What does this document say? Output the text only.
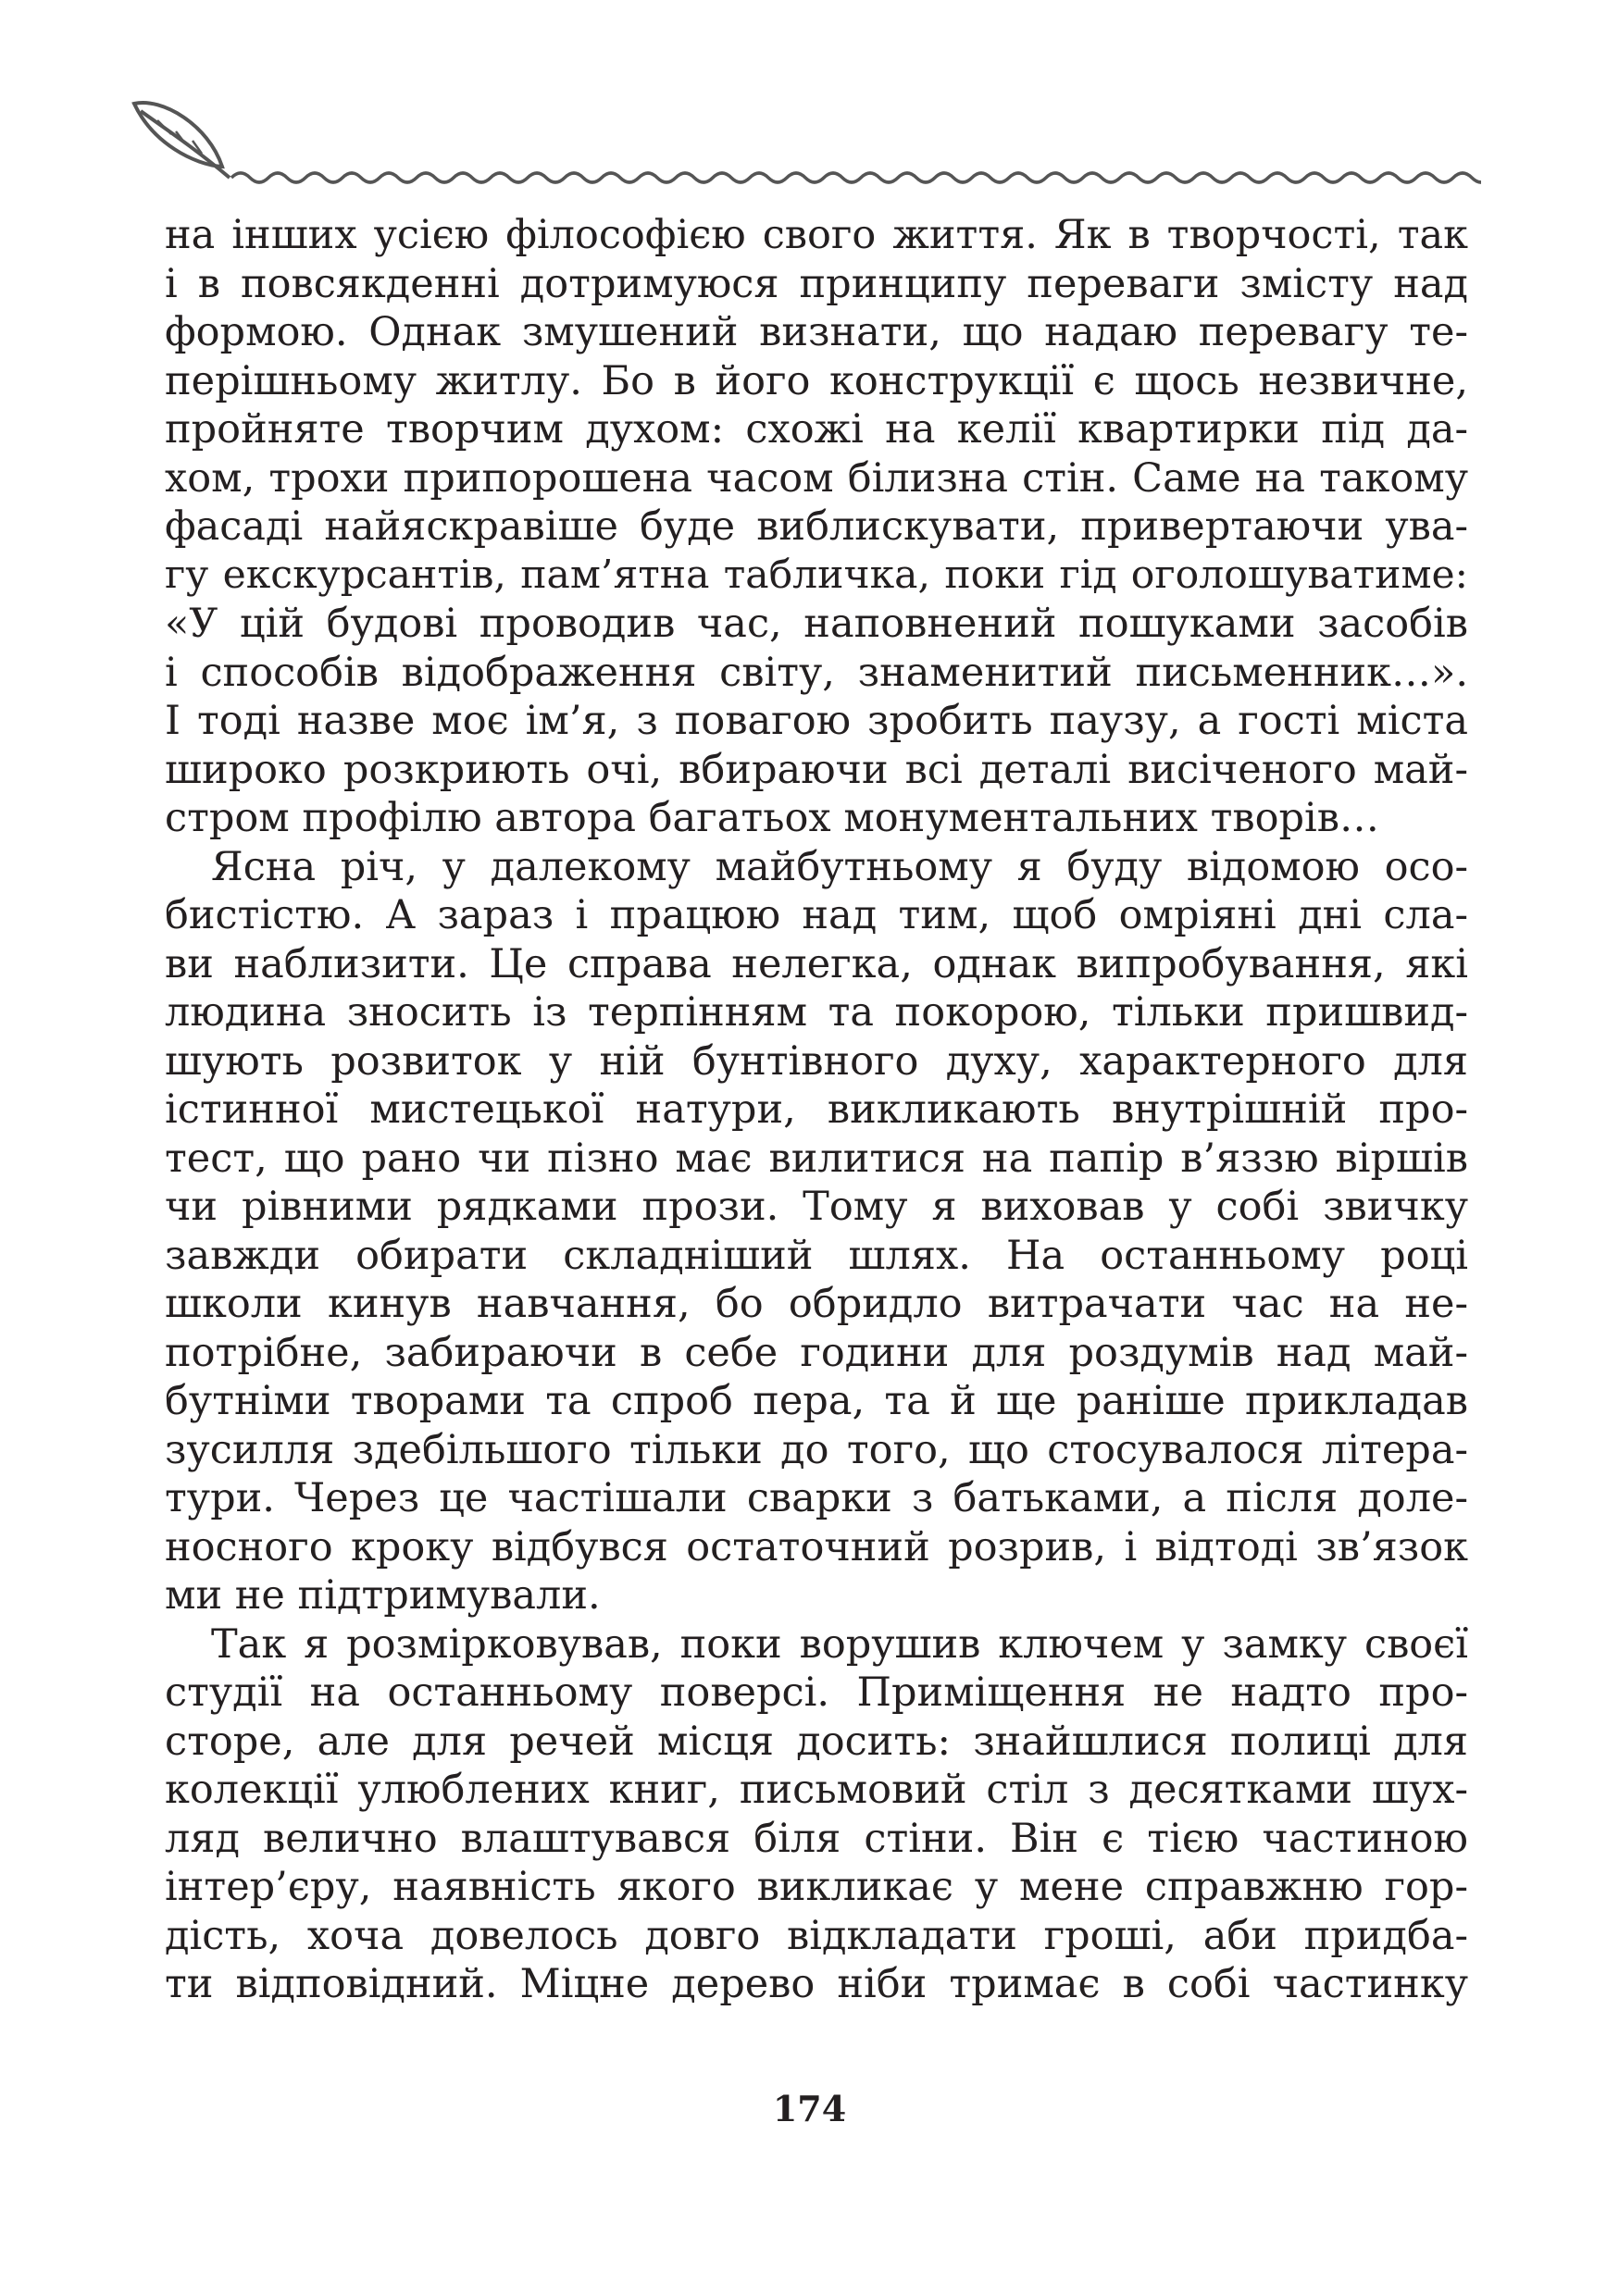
на інших усією філософією свого життя. Як в творчості, так
і в повсякденні дотримуюся принципу переваги змісту над
формою. Однак змушений визнати, що надаю перевагу те-
перішньому житлу. Бо в його конструкції є щось незвичне,
пройняте творчим духом: схожі на келії квартирки під да-
хом, трохи припорошена часом білизна стін. Саме на такому
фасаді найяскравіше буде виблискувати, привертаючи ува-
гу екскурсантів, пам’ятна табличка, поки гід оголошуватиме:
«У цій будові проводив час, наповнений пошуками засобів
і способів відображення світу, знаменитий письменник…».
І тоді назве моє ім’я, з повагою зробить паузу, а гості міста
широко розкриють очі, вбираючи всі деталі висіченого май-
стром профілю автора багатьох монументальних творів…
Ясна річ, у далекому майбутньому я буду відомою осо-
бистістю. А зараз і працюю над тим, щоб омріяні дні сла-
ви наблизити. Це справа нелегка, однак випробування, які
людина зносить із терпінням та покорою, тільки пришвид-
шують розвиток у ній бунтівного духу, характерного для
істинної мистецької натури, викликають внутрішній про-
тест, що рано чи пізно має вилитися на папір в’яззю віршів
чи рівними рядками прози. Тому я виховав у собі звичку
завжди обирати складніший шлях. На останньому році
школи кинув навчання, бо обридло витрачати час на не-
потрібне, забираючи в себе години для роздумів над май-
бутніми творами та спроб пера, та й ще раніше прикладав
зусилля здебільшого тільки до того, що стосувалося літера-
тури. Через це частішали сварки з батьками, а після доле-
носного кроку відбувся остаточний розрив, і відтоді зв’язок
ми не підтримували.
Так я розмірковував, поки ворушив ключем у замку своєї
студії на останньому поверсі. Приміщення не надто про-
сторе, але для речей місця досить: знайшлися полиці для
колекції улюблених книг, письмовий стіл з десятками шух-
ляд велично влаштувався біля стіни. Він є тією частиною
інтер’єру, наявність якого викликає у мене справжню гор-
дість, хоча довелось довго відкладати гроші, аби придба-
ти відповідний. Міцне дерево ніби тримає в собі частинку
174
